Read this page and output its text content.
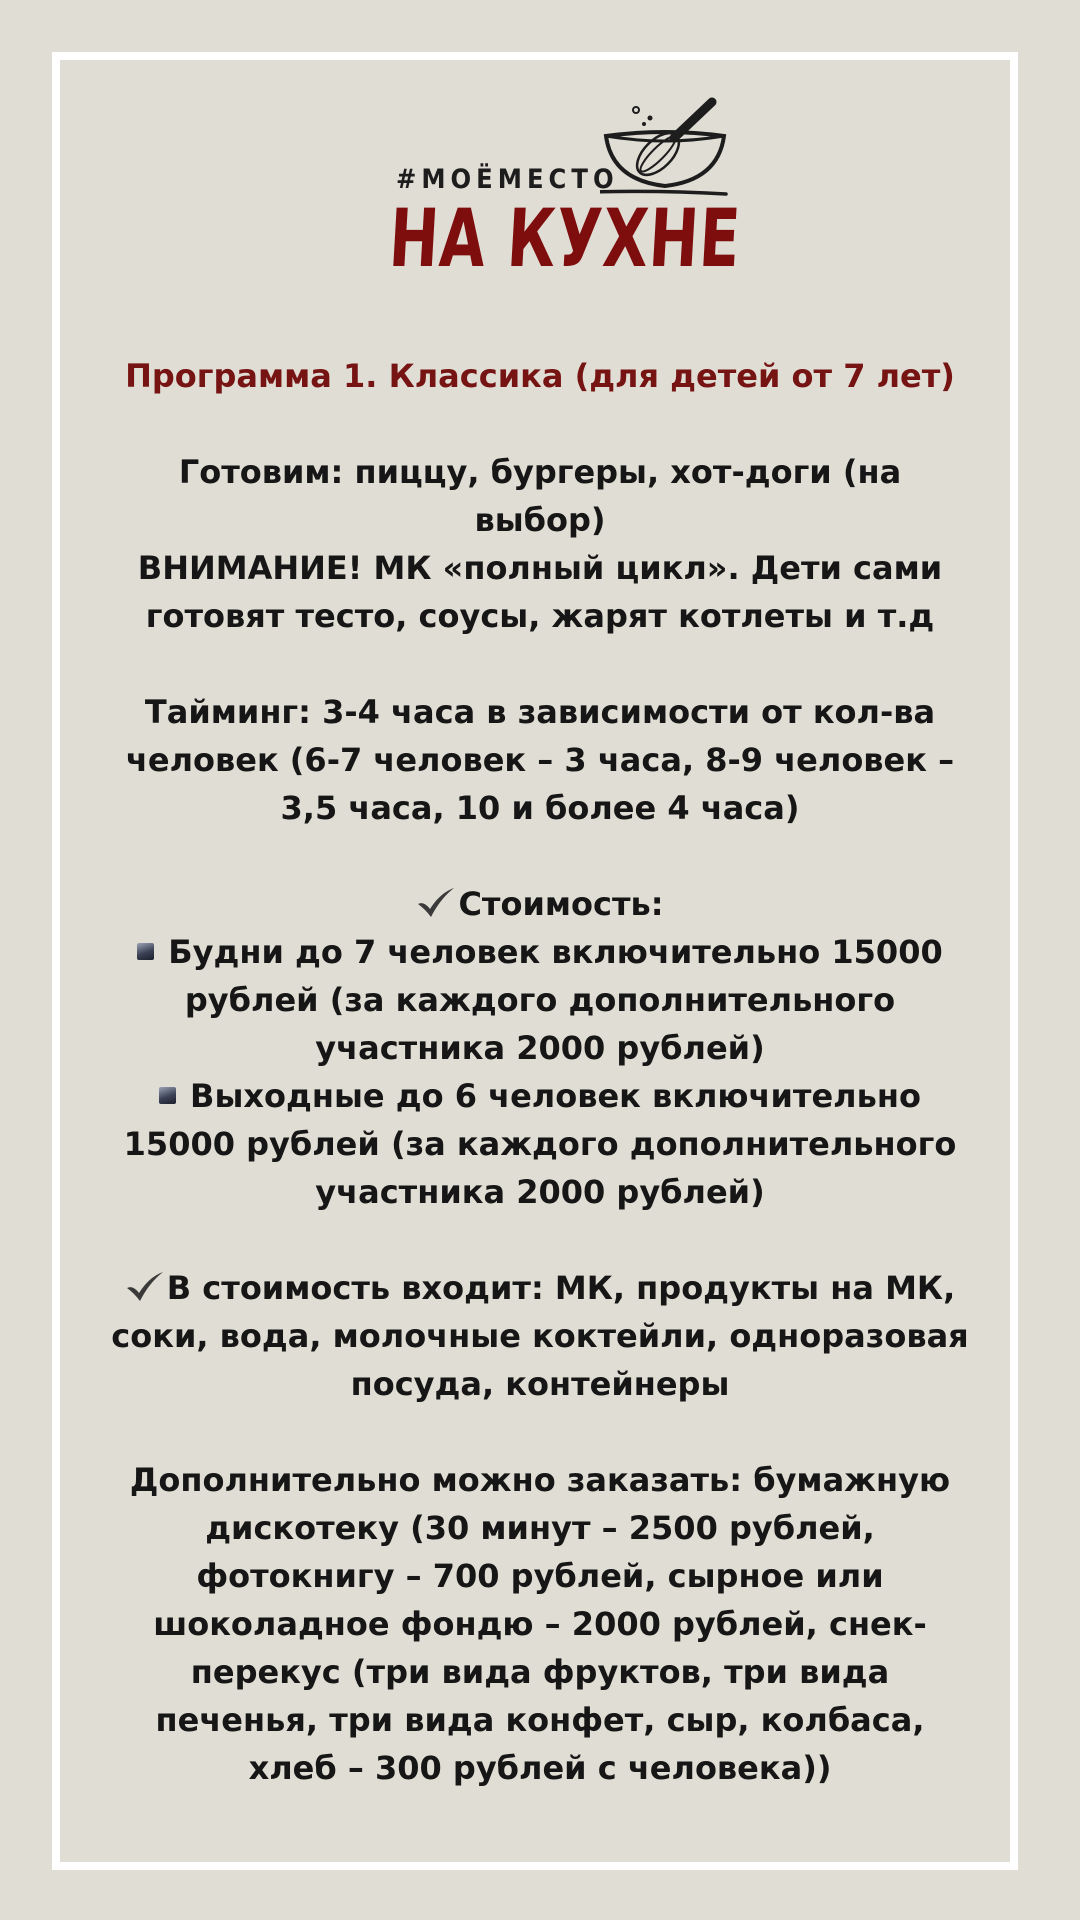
#МОЁМЕСТО

НА КУХНЕ

Программа 1. Классика (для детей от 7 лет)

Готовим: пиццу, бургеры, хот-доги (на выбор)

ВНИМАНИЕ! МК «полный цикл». Дети сами готовят тесто, соусы, жарят котлеты и т.д

Тайминг: 3-4 часа в зависимости от кол-ва человек (6-7 человек – 3 часа, 8-9 человек – 3,5 часа, 10 и более 4 часа)

Стоимость:

Будни до 7 человек включительно 15000 рублей (за каждого дополнительного участника 2000 рублей)

Выходные до 6 человек включительно 15000 рублей (за каждого дополнительного участника 2000 рублей)

В стоимость входит: МК, продукты на МК, соки, вода, молочные коктейли, одноразовая посуда, контейнеры

Дополнительно можно заказать: бумажную дискотеку (30 минут – 2500 рублей, фотокнигу – 700 рублей, сырное или шоколадное фондю – 2000 рублей, снек-перекус (три вида фруктов, три вида печенья, три вида конфет, сыр, колбаса, хлеб – 300 рублей с человека))
